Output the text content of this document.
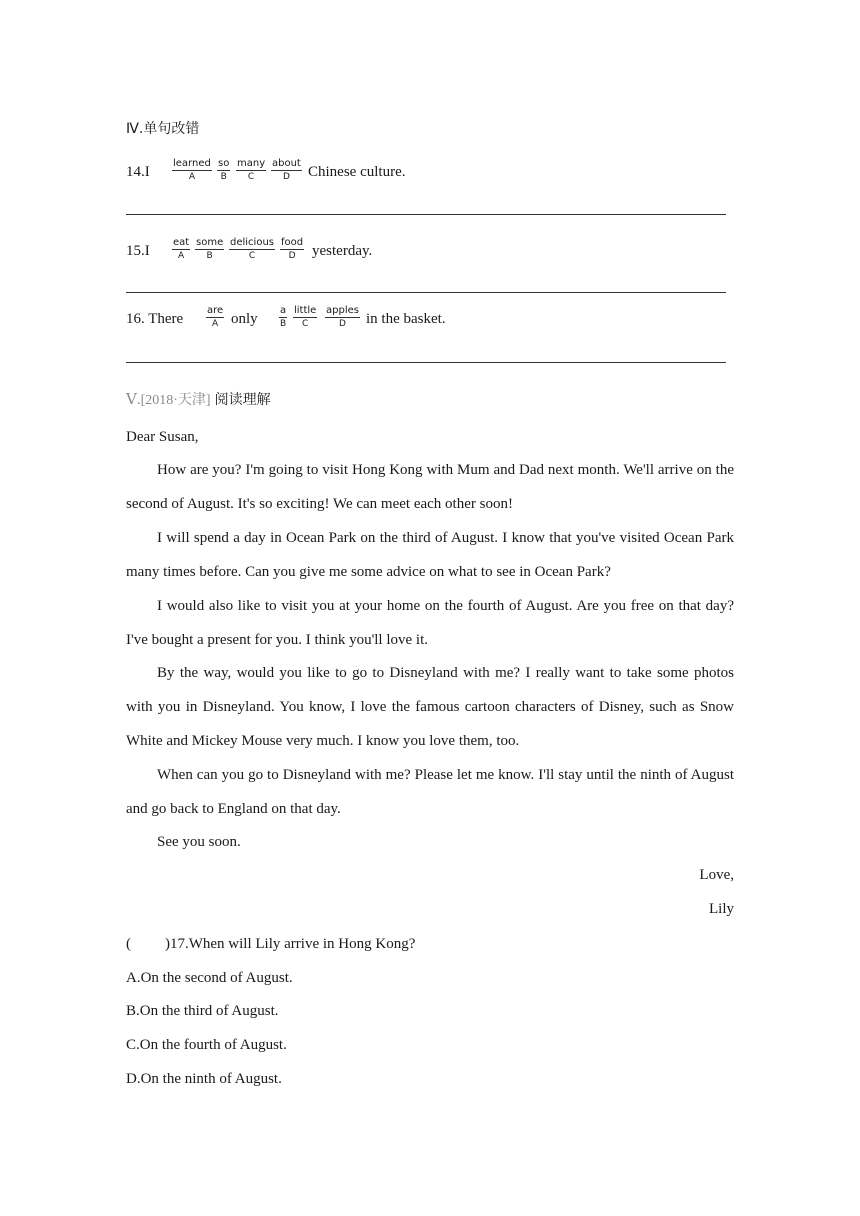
Ⅳ.单句改错
14.I
learned
A
so
B
many
C
about
D	Chinese culture.
15.I
eat
A
some
B
delicious
C
food
D	yesterday.
16. There
are
A only
a
B
little
C
apples
D	in the basket.
Ⅴ.[2018·天津] 阅读理解
Dear Susan,
How are you? I'm going to visit Hong Kong with Mum and Dad next month. We'll arrive on the second of August. It's so exciting! We can meet each other soon!
I will spend a day in Ocean Park on the third of August. I know that you've visited Ocean Park many times before. Can you give me some advice on what to see in Ocean Park?
I would also like to visit you at your home on the fourth of August. Are you free on that day? I've bought a present for you. I think you'll love it.
By the way, would you like to go to Disneyland with me? I really want to take some photos with you in Disneyland. You know, I love the famous cartoon characters of Disney, such as Snow White and Mickey Mouse very much. I know you love them, too.
When can you go to Disneyland with me? Please let me know. I'll stay until the ninth of August and go back to England on that day.
See you soon.
Love,
Lily
( )17.When will Lily arrive in Hong Kong?
A.On the second of August.
B.On the third of August.
C.On the fourth of August.
D.On the ninth of August.
